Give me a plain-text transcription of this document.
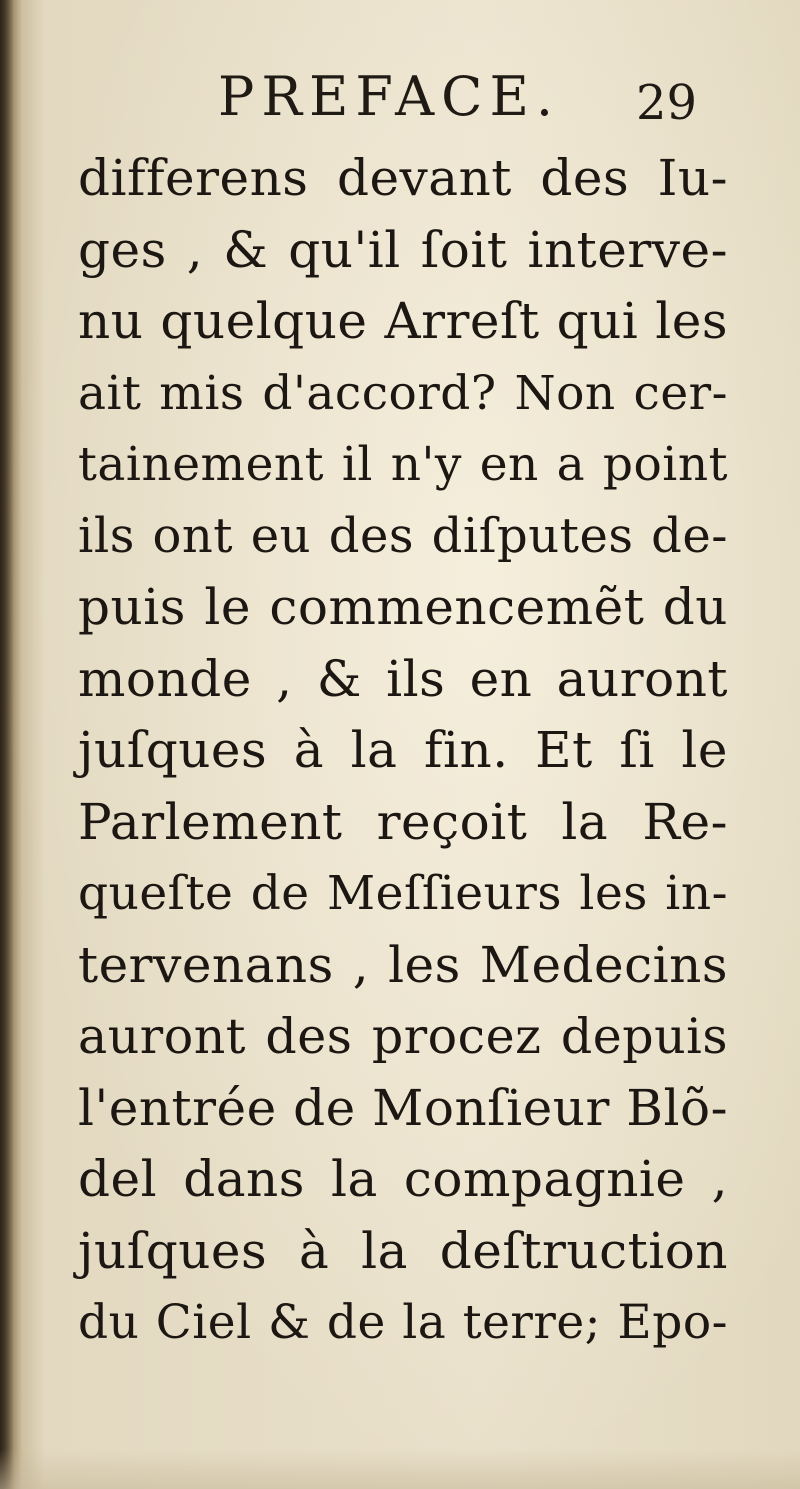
PREFACE. 29
differens devant des Iu-
ges , & qu'il ſoit interve-
nu quelque Arreſt qui les
ait mis d'accord? Non cer-
tainement il n'y en a point
ils ont eu des diſputes de-
puis le commencemẽt du
monde , & ils en auront
juſques à la fin. Et ſi le
Parlement reçoit la Re-
queſte de Meſſieurs les in-
tervenans , les Medecins
auront des procez depuis
l'entrée de Monſieur Blõ-
del dans la compagnie ,
juſques à la deſtruction
du Ciel & de la terre; Epo-
